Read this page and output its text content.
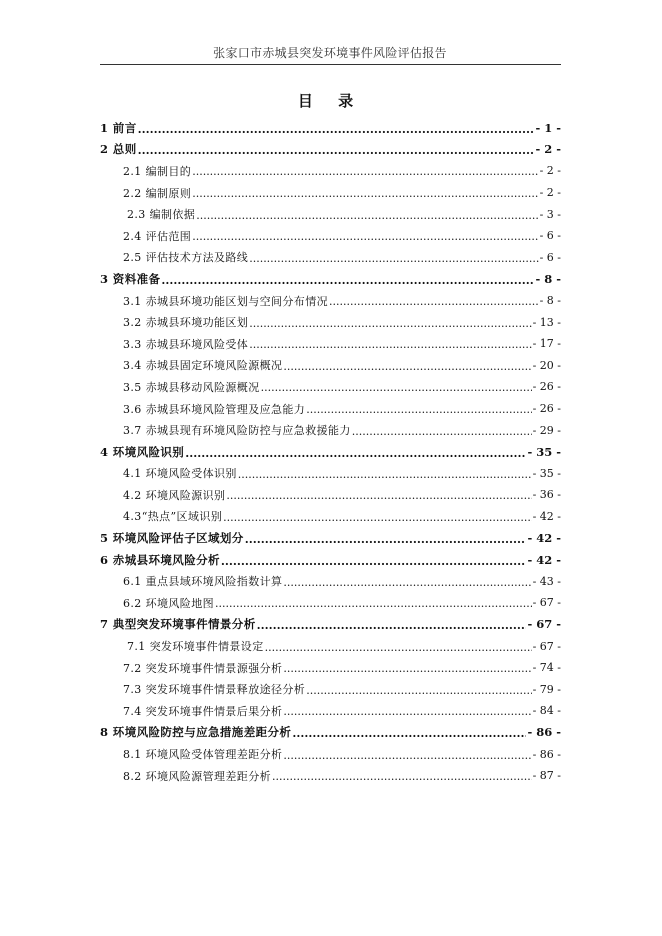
张家口市赤城县突发环境事件风险评估报告
目 录
1 前言 .....	- 1 -
2 总则 .....	- 2 -
2.1 编制目的 .....	- 2 -
2.2 编制原则 .....	- 2 -
2.3 编制依据 .....	- 3 -
2.4 评估范围 .....	- 6 -
2.5 评估技术方法及路线 .....	- 6 -
3 资料准备 .....	- 8 -
3.1 赤城县环境功能区划与空间分布情况 .....	- 8 -
3.2 赤城县环境功能区划 .....	- 13 -
3.3 赤城县环境风险受体 .....	- 17 -
3.4 赤城县固定环境风险源概况 .....	- 20 -
3.5 赤城县移动风险源概况 .....	- 26 -
3.6 赤城县环境风险管理及应急能力 .....	- 26 -
3.7 赤城县现有环境风险防控与应急救援能力 .....	- 29 -
4 环境风险识别 .....	- 35 -
4.1 环境风险受体识别 .....	- 35 -
4.2 环境风险源识别 .....	- 36 -
4.3“热点”区域识别 .....	- 42 -
5 环境风险评估子区域划分 .....	- 42 -
6 赤城县环境风险分析 .....	- 42 -
6.1 重点县域环境风险指数计算 .....	- 43 -
6.2 环境风险地图 .....	- 67 -
7 典型突发环境事件情景分析 .....	- 67 -
7.1 突发环境事件情景设定 .....	- 67 -
7.2 突发环境事件情景源强分析 .....	- 74 -
7.3 突发环境事件情景释放途径分析 .....	- 79 -
7.4 突发环境事件情景后果分析 .....	- 84 -
8 环境风险防控与应急措施差距分析 .....	- 86 -
8.1 环境风险受体管理差距分析 .....	- 86 -
8.2 环境风险源管理差距分析 .....	- 87 -
